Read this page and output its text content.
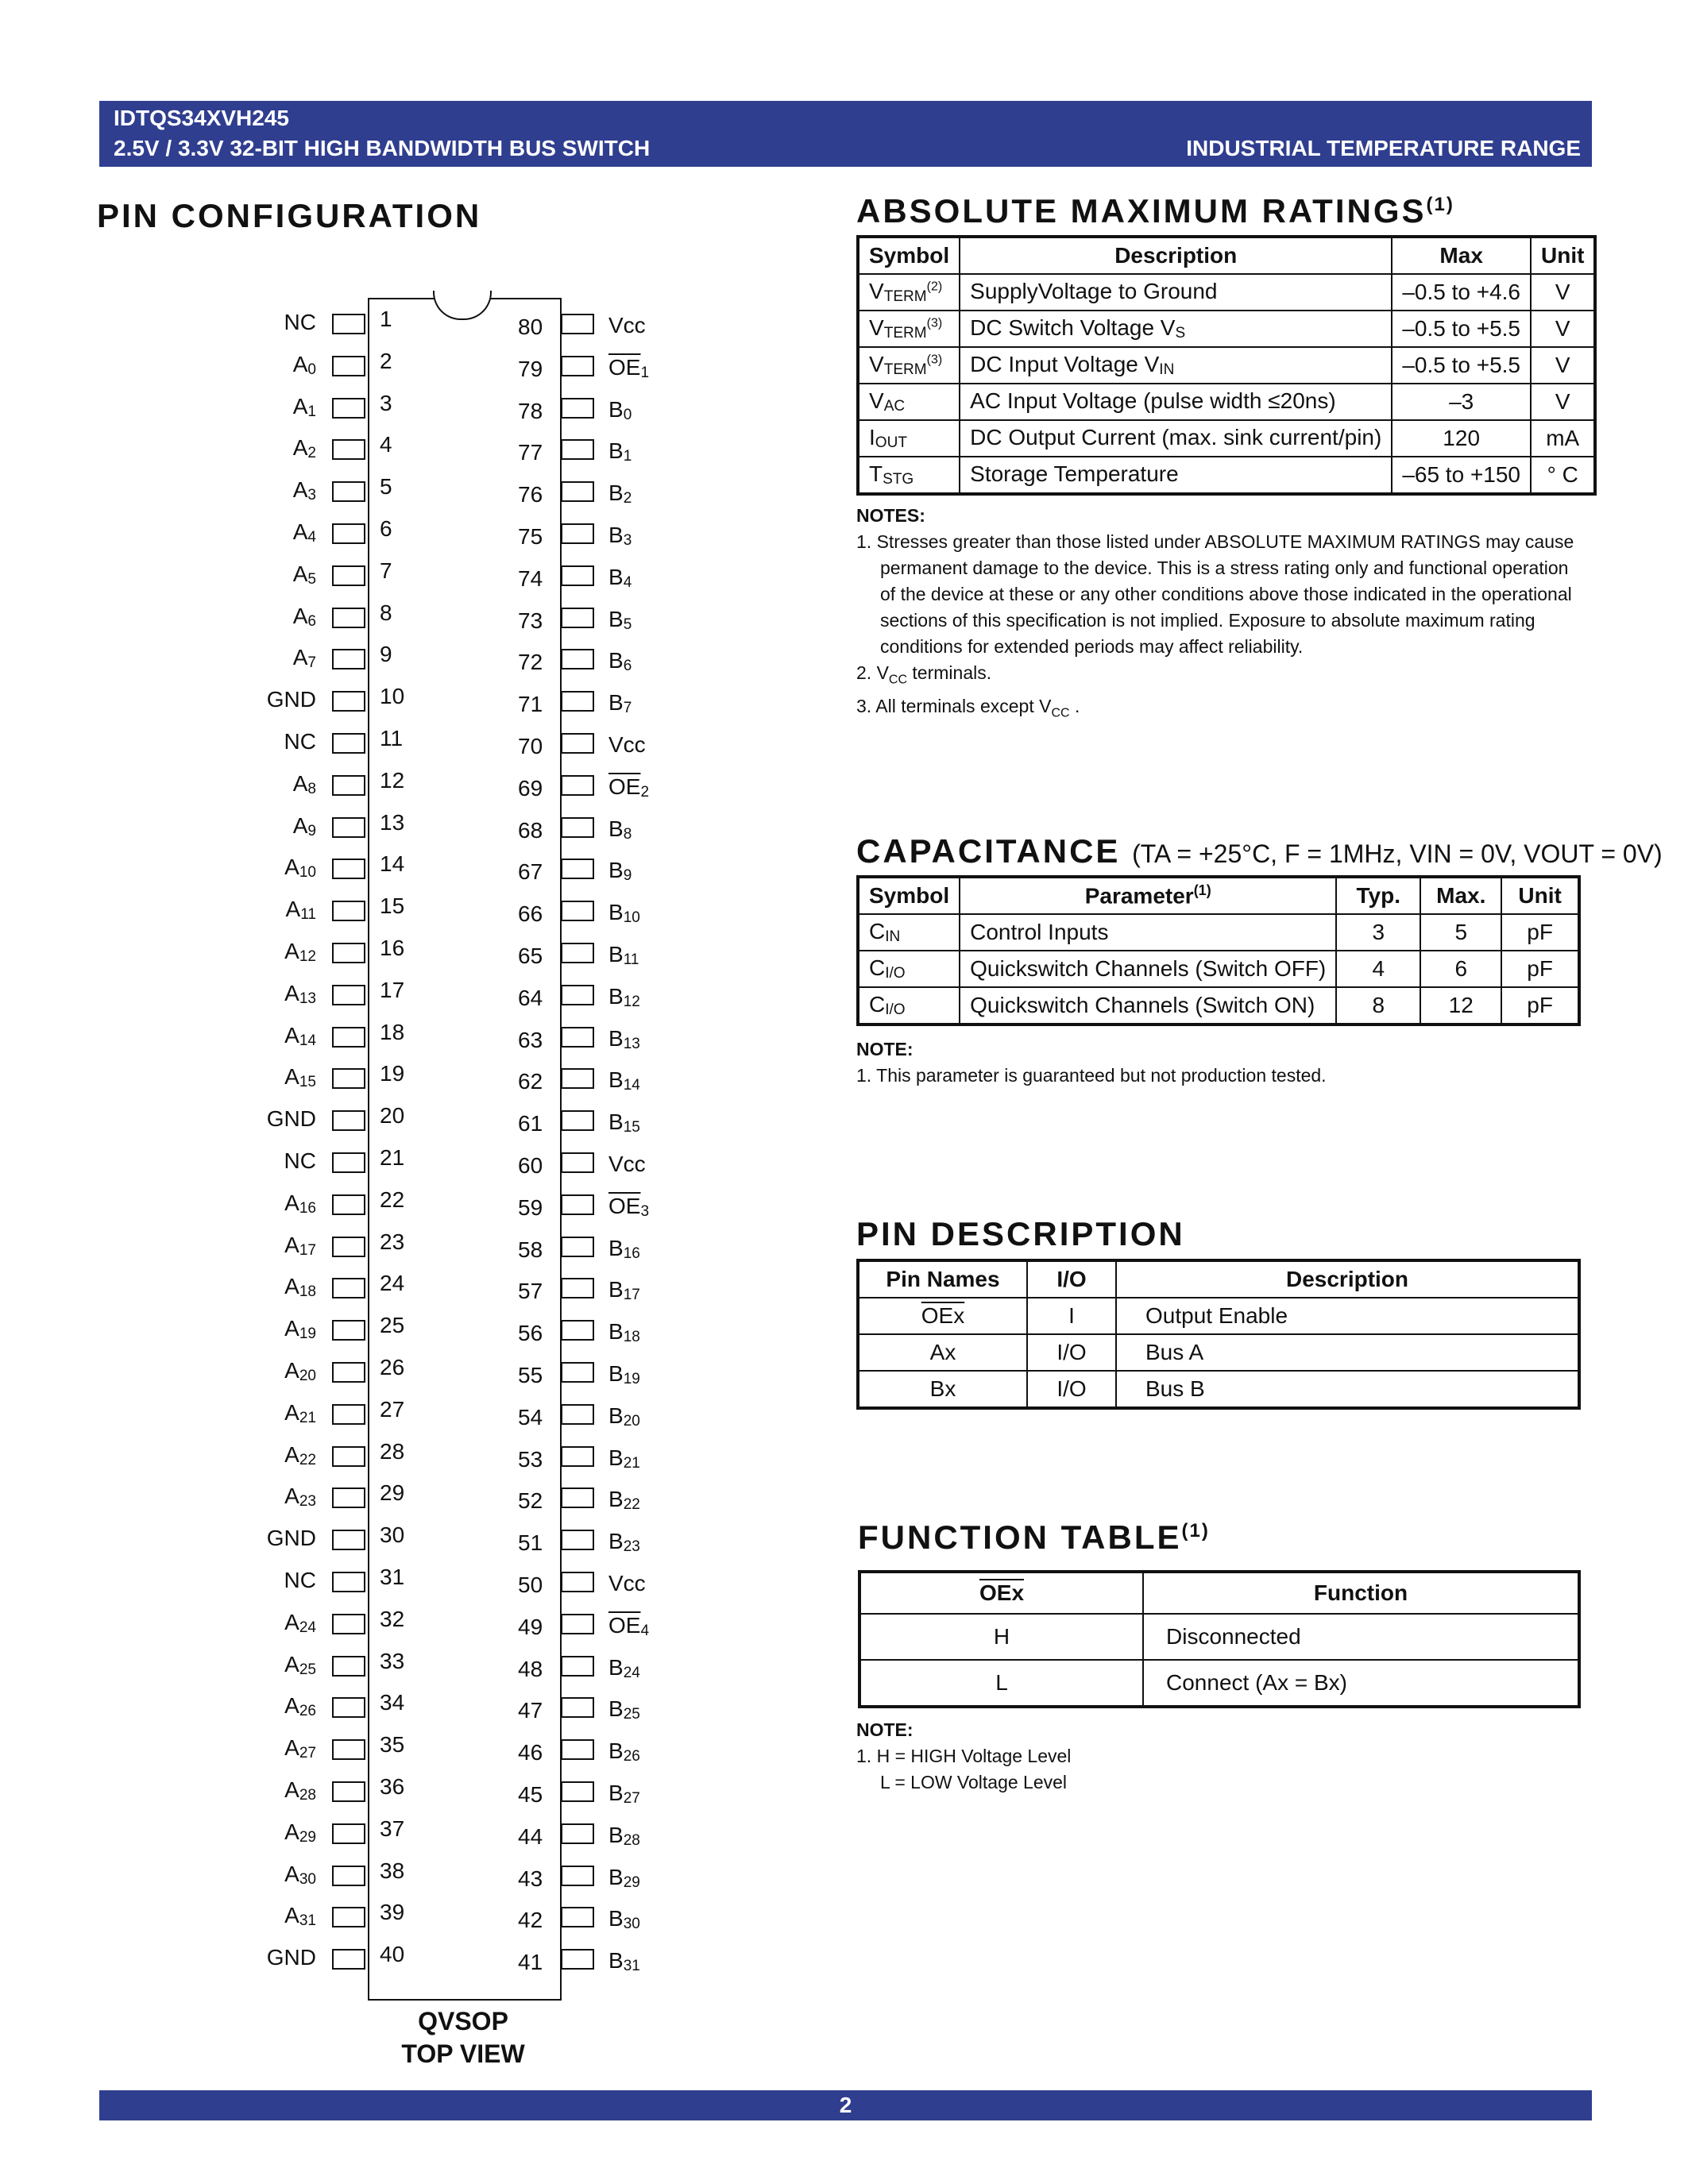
IDTQS34XVH245
2.5V / 3.3V 32-BIT HIGH BANDWIDTH BUS SWITCH	INDUSTRIAL TEMPERATURE RANGE
PIN CONFIGURATION
1
NC
2
$A_0$
3
$A_1$
4
$A_2$
5
$A_3$
6
$A_4$
7
$A_5$
8
$A_6$
9
$A_7$
10
GND
11
NC
12
$A_8$
13
$A_9$
14
$A_{10}$
15
$A_{11}$
16
$A_{12}$
17
$A_{13}$
18
$A_{14}$
19
$A_{15}$
20
GND
21
NC
22
$A_{16}$
23
$A_{17}$
24
$A_{18}$
25
$A_{19}$
26
$A_{20}$
27
$A_{21}$
28
$A_{22}$
29
$A_{23}$
30
GND
31
NC
32
$A_{24}$
33
$A_{25}$
34
$A_{26}$
35
$A_{27}$
36
$A_{28}$
37
$A_{29}$
38
$A_{30}$
39
$A_{31}$
40
GND
80	Vcc
79	$\overline{OE}_1$
78	$B_0$
77	$B_1$
76	$B_2$
75	$B_3$
74	$B_4$
73	$B_5$
72	$B_6$
71	$B_7$
70	Vcc
69	$\overline{OE}_2$
68	$B_8$
67	$B_9$
66	$B_{10}$
65	$B_{11}$
64	$B_{12}$
63	$B_{13}$
62	$B_{14}$
61	$B_{15}$
60	Vcc
59	$\overline{OE}_3$
58	$B_{16}$
57	$B_{17}$
56	$B_{18}$
55	$B_{19}$
54	$B_{20}$
53	$B_{21}$
52	$B_{22}$
51	$B_{23}$
50	Vcc
49	$\overline{OE}_4$
48	$B_{24}$
47	$B_{25}$
46	$B_{26}$
45	$B_{27}$
44	$B_{28}$
43	$B_{29}$
42	$B_{30}$
41	$B_{31}$
QVSOP
TOP VIEW
ABSOLUTE MAXIMUM RATINGS$^{(1)}$
Symbol	Description	Max	Unit
$V_{TERM}^{(2)}$	SupplyVoltage to Ground	–0.5 to +4.6	V
$V_{TERM}^{(3)}$	DC Switch Voltage $V_S$	–0.5 to +5.5	V
$V_{TERM}^{(3)}$	DC Input Voltage $V_{IN}$	–0.5 to +5.5	V
$V_{AC}$	AC Input Voltage (pulse width ≤20ns)	–3	V
$I_{OUT}$	DC Output Current (max. sink current/pin)	120	mA
$T_{STG}$	Storage Temperature	–65 to +150	° C
NOTES:
1. Stresses greater than those listed under ABSOLUTE MAXIMUM RATINGS may cause
permanent damage to the device. This is a stress rating only and functional operation
of the device at these or any other conditions above those indicated in the operational
sections of this specification is not implied. Exposure to absolute maximum rating
conditions for extended periods may affect reliability.
2. $V_{CC}$ terminals.
3. All terminals except $V_{CC}$ .
CAPACITANCE (TA = +25°C, F = 1MHz, VIN = 0V, VOUT = 0V)
Symbol	Parameter$^{(1)}$	Typ.	Max.	Unit
$C_{IN}$	Control Inputs	3	5	pF
$C_{I/O}$	Quickswitch Channels (Switch OFF)	4	6	pF
$C_{I/O}$	Quickswitch Channels (Switch ON)	8	12	pF
NOTE:
1. This parameter is guaranteed but not production tested.
PIN DESCRIPTION
Pin Names	I/O	Description
$\overline{OEx}$	I	Output Enable
Ax	I/O	Bus A
Bx	I/O	Bus B
FUNCTION TABLE$^{(1)}$
$\overline{OEx}$	Function
H	Disconnected
L	Connect (Ax = Bx)
NOTE:
1. H = HIGH Voltage Level
L = LOW Voltage Level
2
